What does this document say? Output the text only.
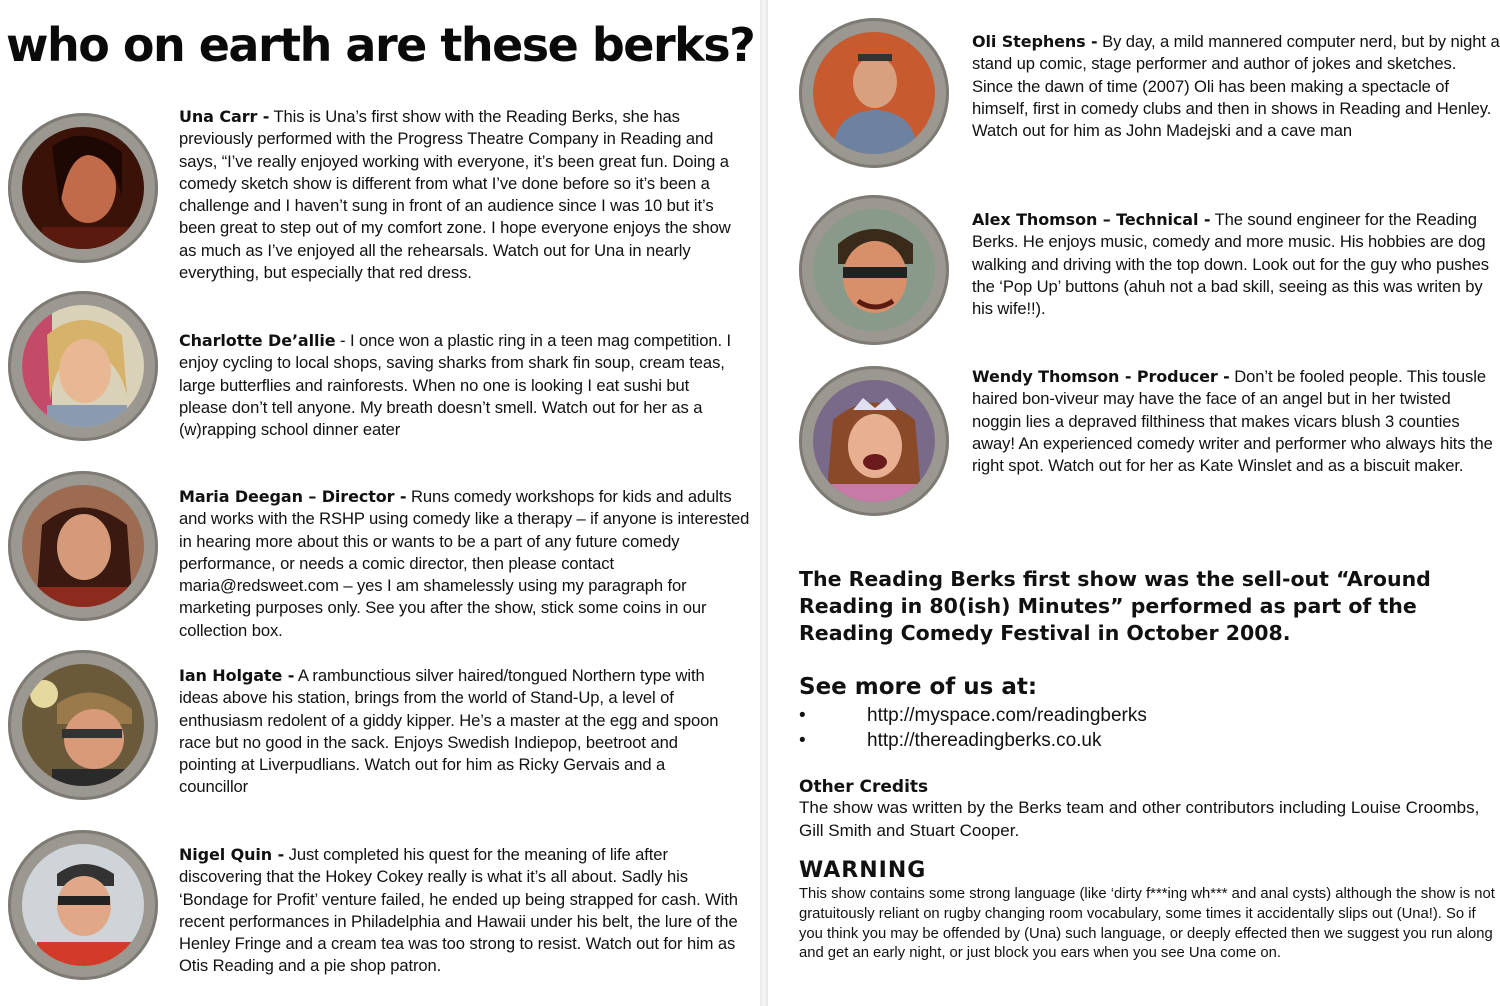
who on earth are these berks?

Una Carr - This is Una’s first show with the Reading Berks, she has previously performed with the Progress Theatre Company in Reading and says, “I’ve really enjoyed working with everyone, it’s been great fun. Doing a comedy sketch show is different from what I’ve done before so it’s been a challenge and I haven’t sung in front of an audience since I was 10 but it’s been great to step out of my comfort zone. I hope everyone enjoys the show as much as I’ve enjoyed all the rehearsals. Watch out for Una in nearly everything, but especially that red dress.

Charlotte De’allie - I once won a plastic ring in a teen mag competition. I enjoy cycling to local shops, saving sharks from shark fin soup, cream teas, large butterflies and rainforests. When no one is looking I eat sushi but please don’t tell anyone. My breath doesn’t smell. Watch out for her as a (w)rapping school dinner eater

Maria Deegan – Director - Runs comedy workshops for kids and adults and works with the RSHP using comedy like a therapy – if anyone is interested in hearing more about this or wants to be a part of any future comedy performance, or needs a comic director, then please contact maria@redsweet.com – yes I am shamelessly using my paragraph for marketing purposes only. See you after the show, stick some coins in our collection box.

Ian Holgate - A rambunctious silver haired/tongued Northern type with ideas above his station, brings from the world of Stand-Up, a level of enthusiasm redolent of a giddy kipper. He’s a master at the egg and spoon race but no good in the sack. Enjoys Swedish Indiepop, beetroot and pointing at Liverpudlians. Watch out for him as Ricky Gervais and a councillor

Nigel Quin - Just completed his quest for the meaning of life after discovering that the Hokey Cokey really is what it’s all about. Sadly his ‘Bondage for Profit’ venture failed, he ended up being strapped for cash. With recent performances in Philadelphia and Hawaii under his belt, the lure of the Henley Fringe and a cream tea was too strong to resist. Watch out for him as Otis Reading and a pie shop patron.

Oli Stephens - By day, a mild mannered computer nerd, but by night a stand up comic, stage performer and author of jokes and sketches. Since the dawn of time (2007) Oli has been making a spectacle of himself, first in comedy clubs and then in shows in Reading and Henley. Watch out for him as John Madejski and a cave man

Alex Thomson – Technical - The sound engineer for the Reading Berks. He enjoys music, comedy and more music. His hobbies are dog walking and driving with the top down. Look out for the guy who pushes the ‘Pop Up’ buttons (ahuh not a bad skill, seeing as this was writen by his wife!!).

Wendy Thomson - Producer - Don’t be fooled people. This tousle haired bon-viveur may have the face of an angel but in her twisted noggin lies a depraved filthiness that makes vicars blush 3 counties away! An experienced comedy writer and performer who always hits the right spot. Watch out for her as Kate Winslet and as a biscuit maker.

The Reading Berks first show was the sell-out “Around Reading in 80(ish) Minutes” performed as part of the Reading Comedy Festival in October 2008.

See more of us at:
•	http://myspace.com/readingberks
•	http://thereadingberks.co.uk
Other Credits

The show was written by the Berks team and other contributors including Louise Croombs, Gill Smith and Stuart Cooper.

WARNING

This show contains some strong language (like ‘dirty f***ing wh*** and anal cysts) although the show is not gratuitously reliant on rugby changing room vocabulary, some times it accidentally slips out (Una!). So if you think you may be offended by (Una) such language, or deeply effected then we suggest you run along and get an early night, or just block you ears when you see Una come on.
